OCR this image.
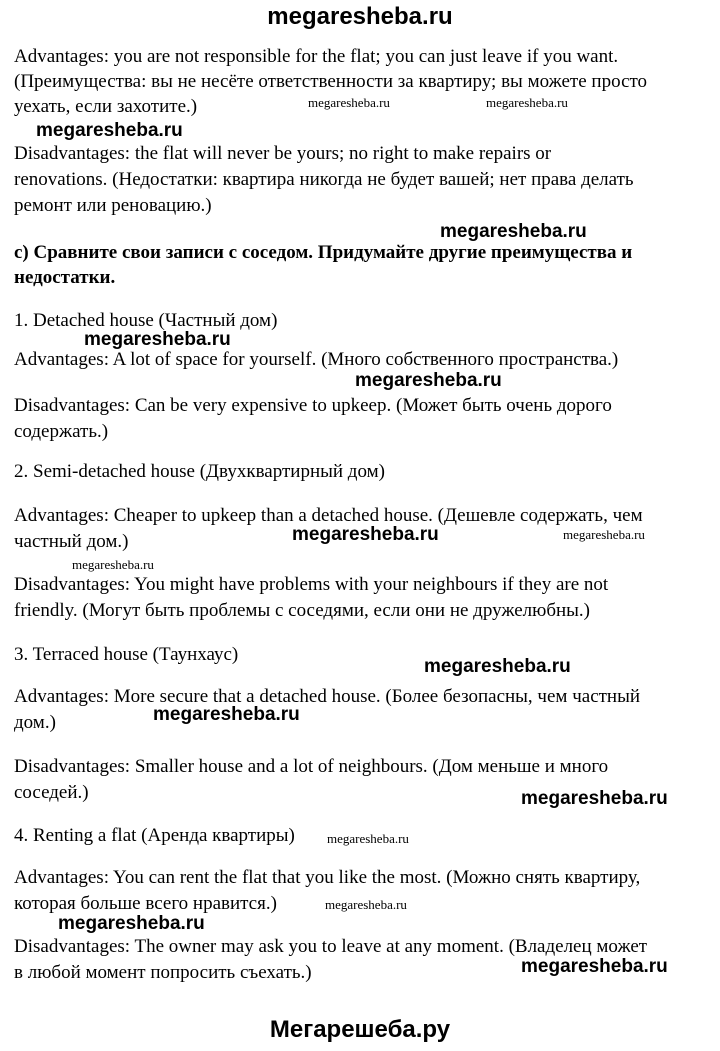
megaresheba.ru
Advantages: you are not responsible for the flat; you can just leave if you want.
(Преимущества: вы не несёте ответственности за квартиру; вы можете просто
уехать, если захотите.)
Disadvantages: the flat will never be yours; no right to make repairs or
renovations. (Недостатки: квартира никогда не будет вашей; нет права делать
ремонт или реновацию.)
c) Сравните свои записи с соседом. Придумайте другие преимущества и
недостатки.
1. Detached house (Частный дом)
Advantages: A lot of space for yourself. (Много собственного пространства.)
Disadvantages: Can be very expensive to upkeep. (Может быть очень дорого
содержать.)
2. Semi-detached house (Двухквартирный дом)
Advantages: Cheaper to upkeep than a detached house. (Дешевле содержать, чем
частный дом.)
Disadvantages: You might have problems with your neighbours if they are not
friendly. (Могут быть проблемы с соседями, если они не дружелюбны.)
3. Terraced house (Таунхаус)
Advantages: More secure that a detached house. (Более безопасны, чем частный
дом.)
Disadvantages: Smaller house and a lot of neighbours. (Дом меньше и много
соседей.)
4. Renting a flat (Аренда квартиры)
Advantages: You can rent the flat that you like the most. (Можно снять квартиру,
которая больше всего нравится.)
Disadvantages: The owner may ask you to leave at any moment. (Владелец может
в любой момент попросить съехать.)
megaresheba.ru	megaresheba.ru
megaresheba.ru
megaresheba.ru
megaresheba.ru
megaresheba.ru
megaresheba.ru	megaresheba.ru
megaresheba.ru
megaresheba.ru
megaresheba.ru
megaresheba.ru
megaresheba.ru
megaresheba.ru
megaresheba.ru
megaresheba.ru
Мегарешеба.ру
